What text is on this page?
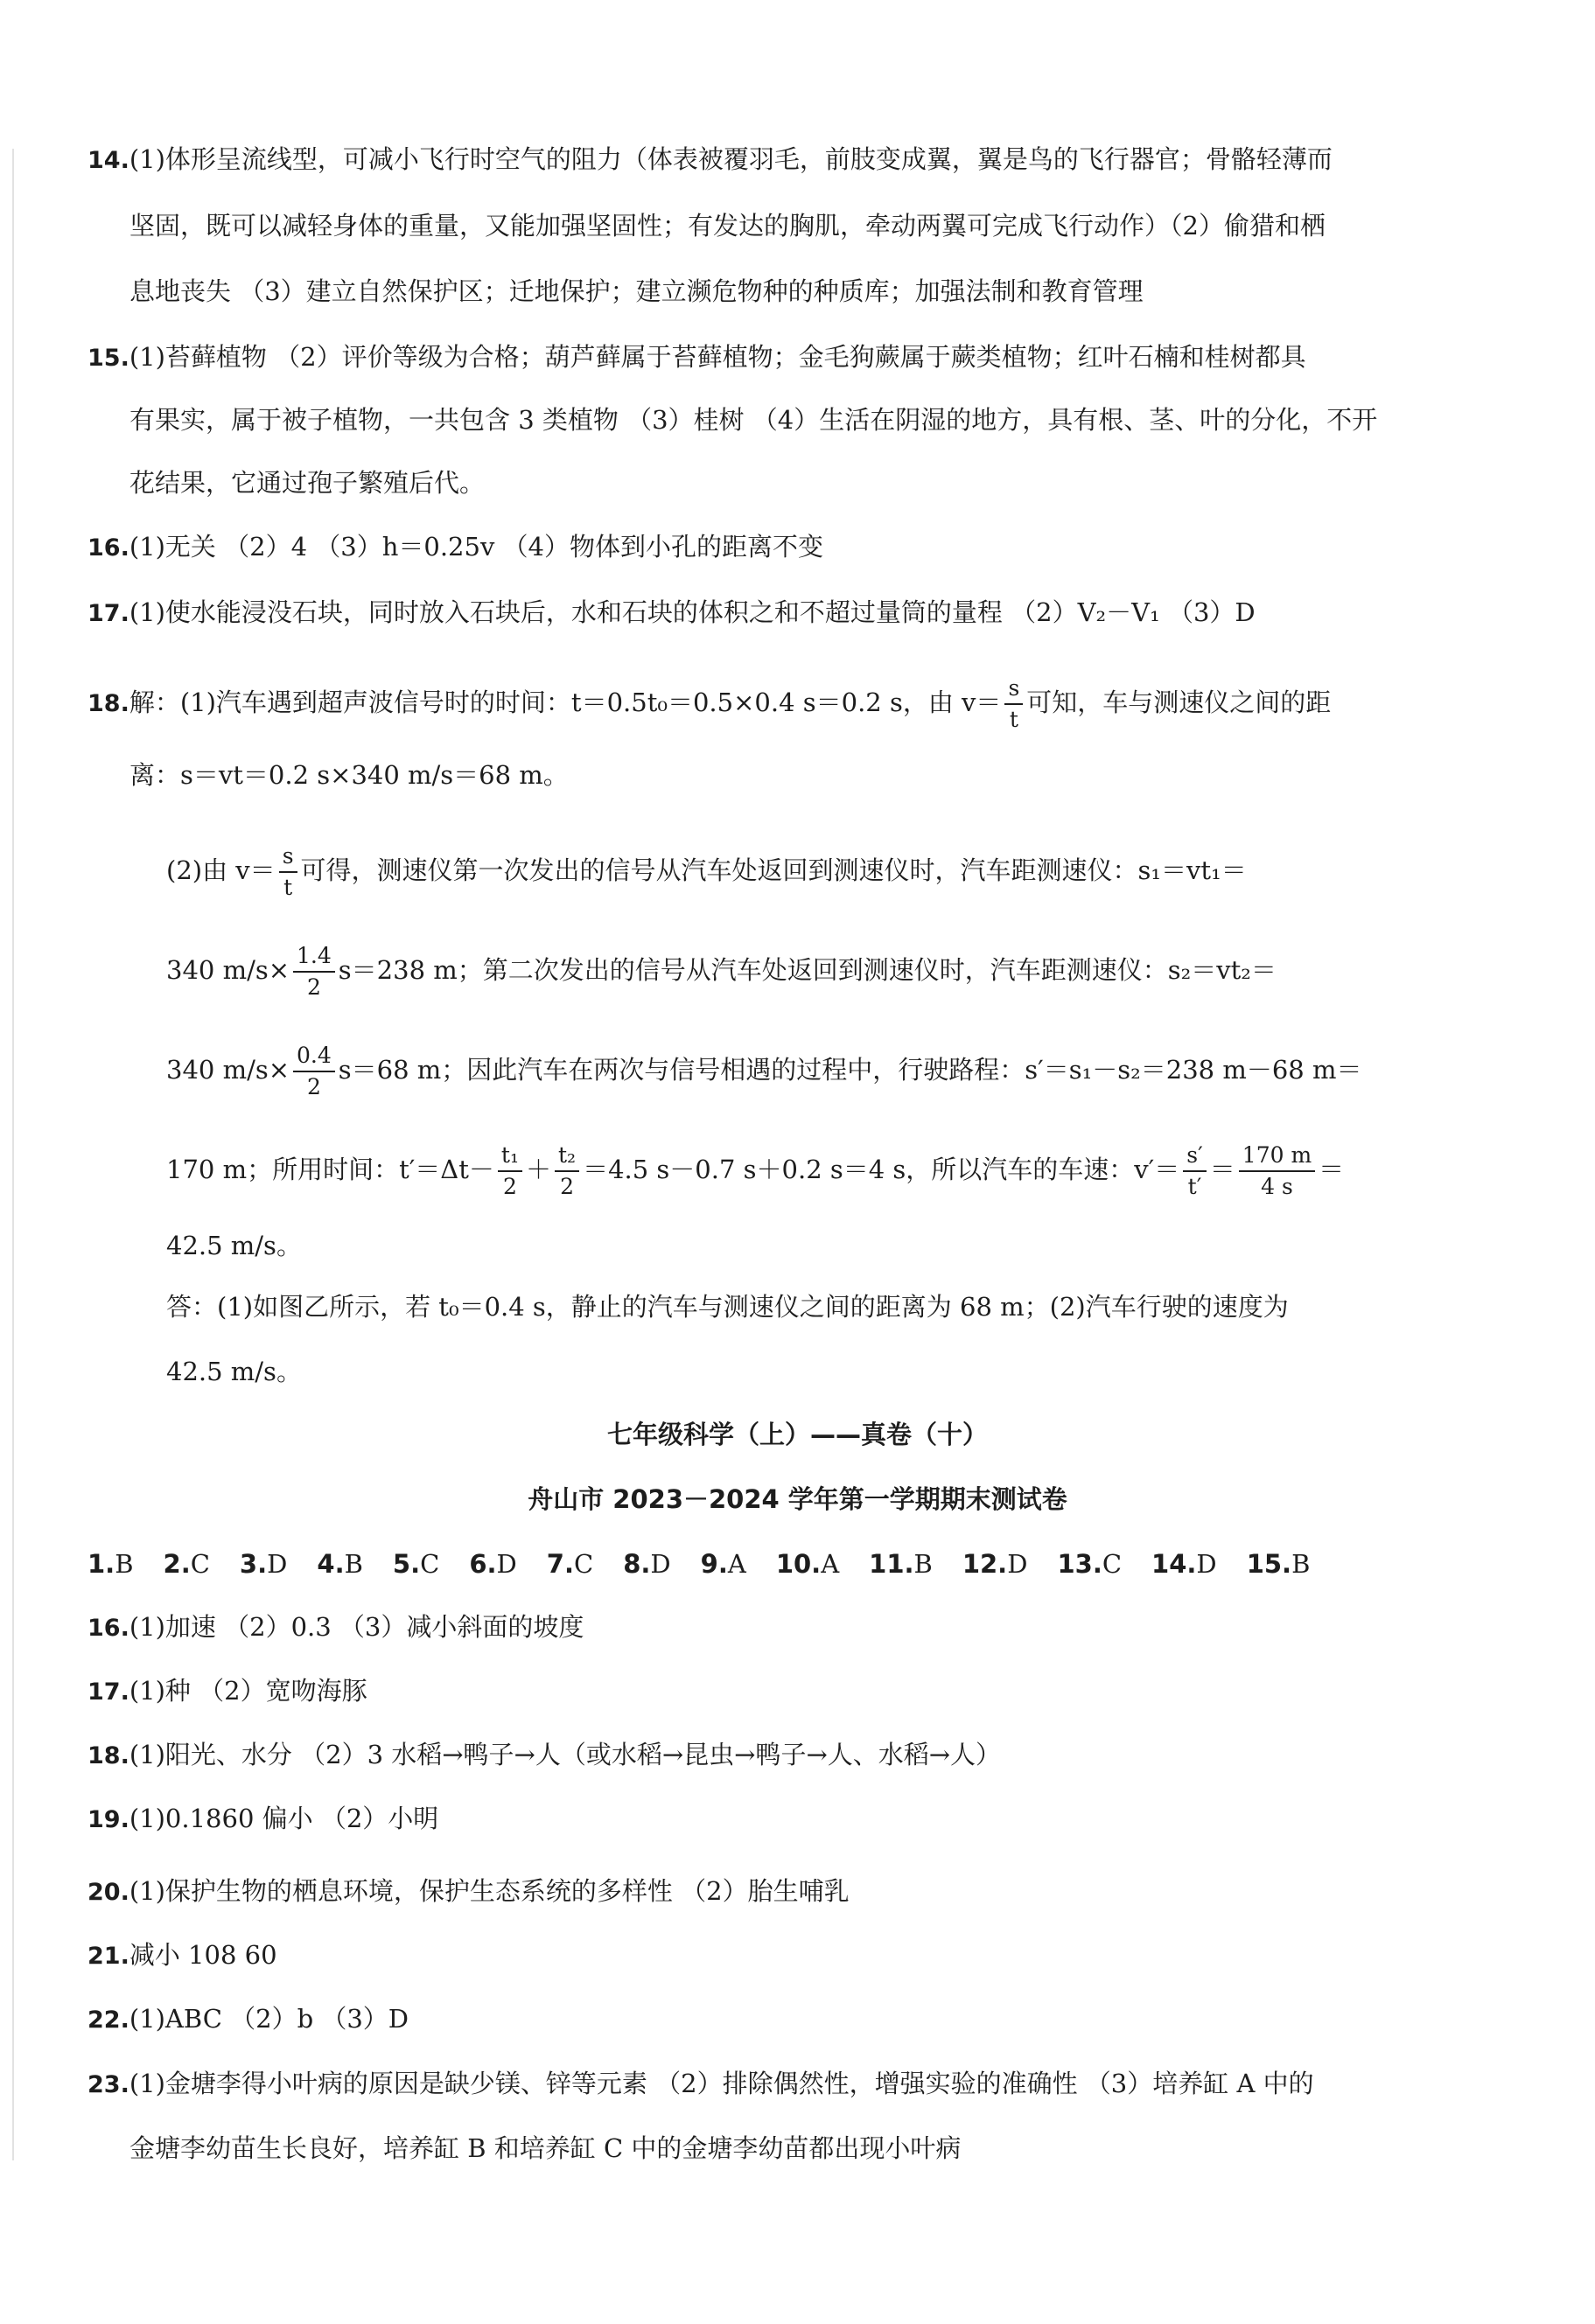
14.(1)体形呈流线型，可减小飞行时空气的阻力（体表被覆羽毛，前肢变成翼，翼是鸟的飞行器官；骨骼轻薄而
坚固，既可以减轻身体的重量，又能加强坚固性；有发达的胸肌，牵动两翼可完成飞行动作）（2）偷猎和栖
息地丧失 （3）建立自然保护区；迁地保护；建立濒危物种的种质库；加强法制和教育管理
15.(1)苔藓植物 （2）评价等级为合格；葫芦藓属于苔藓植物；金毛狗蕨属于蕨类植物；红叶石楠和桂树都具
有果实，属于被子植物，一共包含 3 类植物 （3）桂树 （4）生活在阴湿的地方，具有根、茎、叶的分化，不开
花结果，它通过孢子繁殖后代。
16.(1)无关 （2）4 （3）h＝0.25v （4）物体到小孔的距离不变
17.(1)使水能浸没石块，同时放入石块后，水和石块的体积之和不超过量筒的量程 （2）V₂－V₁ （3）D
18.解：(1)汽车遇到超声波信号时的时间：t＝0.5t₀＝0.5×0.4 s＝0.2 s，由 $v= \frac{s}{t}$ 可知，车与测速仪之间的距
离：s＝vt＝0.2 s×340 m/s＝68 m。
(2)由 $v= \frac{s}{t}$ 可得，测速仪第一次发出的信号从汽车处返回到测速仪时，汽车距测速仪：s₁＝vt₁＝
340 $m/s\times \frac{1.4}{2} s=238$ m；第二次发出的信号从汽车处返回到测速仪时，汽车距测速仪：s₂＝vt₂＝
340 $m/s\times \frac{0.4}{2} s=68$ m；因此汽车在两次与信号相遇的过程中，行驶路程：s′＝s₁－s₂＝238 m－68 m＝
170 m；所用时间：$t'=\Delta t- \frac{\text{t₁}}{2} + \frac{\text{t₂}}{2} =4.5$ s－0.7 s＋0.2 s＝4 s，所以汽车的车速：$v'= \frac{s'}{t'} = \frac{170 m}{4 s}$ ＝
42.5 m/s。
答：(1)如图乙所示，若 t₀＝0.4 s，静止的汽车与测速仪之间的距离为 68 m；(2)汽车行驶的速度为
42.5 m/s。
七年级科学（上）——真卷（十）
舟山市 2023－2024 学年第一学期期末测试卷
1.B 2.C 3.D 4.B 5.C 6.D 7.C 8.D 9.A 10.A 11.B 12.D 13.C 14.D 15.B
16.(1)加速 （2）0.3 （3）减小斜面的坡度
17.(1)种 （2）宽吻海豚
18.(1)阳光、水分 （2）3 水稻→鸭子→人（或水稻→昆虫→鸭子→人、水稻→人）
19.(1)0.1860 偏小 （2）小明
20.(1)保护生物的栖息环境，保护生态系统的多样性 （2）胎生哺乳
21.减小 108 60
22.(1)ABC （2）b （3）D
23.(1)金塘李得小叶病的原因是缺少镁、锌等元素 （2）排除偶然性，增强实验的准确性 （3）培养缸 A 中的
金塘李幼苗生长良好，培养缸 B 和培养缸 C 中的金塘李幼苗都出现小叶病
